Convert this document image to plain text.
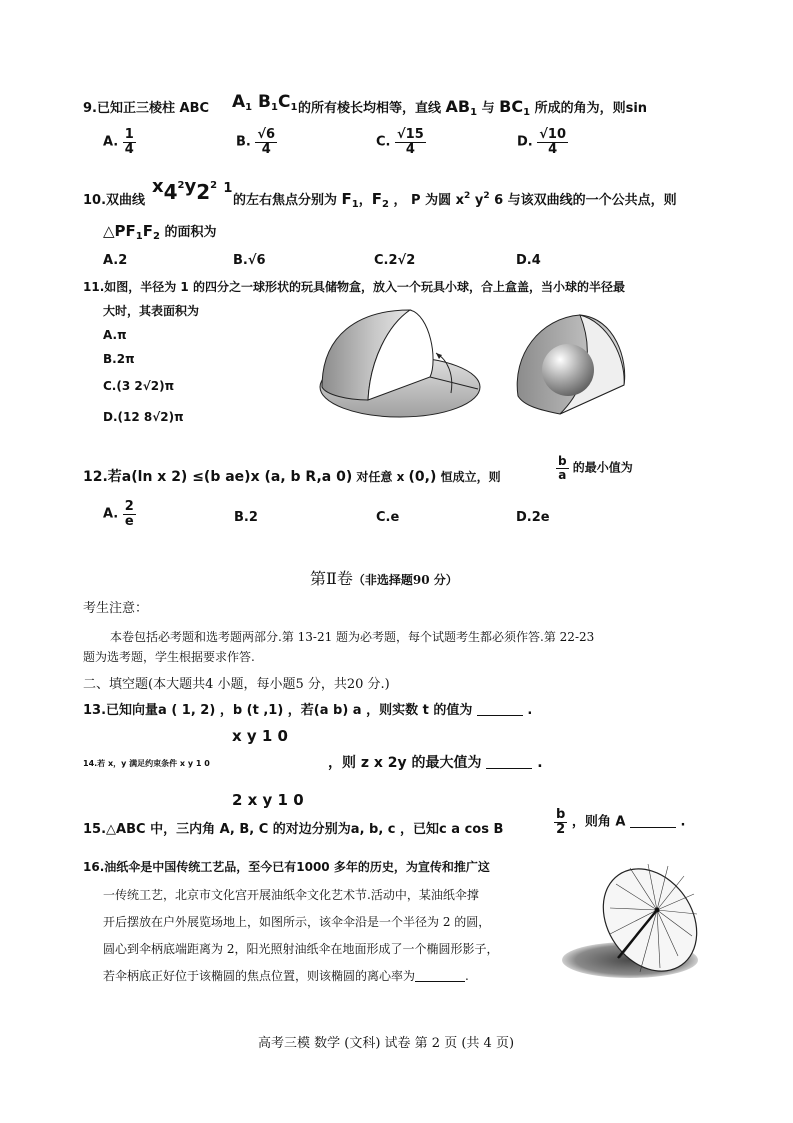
9.已知正三棱柱 ABC $A_1$ $B_1C_1$ 的所有棱长均相等，直线 $AB_1$ 与 $BC_1$ 所成的角为，则sin
A. $\frac{1}{4}$	B. $\frac{√6}{4}$	C. $\frac{√15}{4}$	D. $\frac{√10}{4}$
10.双曲线
$x4^2y2^2$ 1
的左右焦点分别为 $F_1$，$F_2$ ， P 为圆 $x^2$ $y^2$ 6 与该双曲线的一个公共点，则
$\triangle PF_1F_2$ 的面积为
A.2	B.√6	C.2√2	D.4
11.如图，半径为 1 的四分之一球形状的玩具储物盒，放入一个玩具小球，合上盒盖，当小球的半径最
大时，其表面积为
A.π
B.2π
C.(3 2√2)π
D.(12 8√2)π
12.若a(ln x 2) ≤(b ae)x (a, b R,a 0) 对任意 x (0,) 恒成立，则	$\frac{b}{a}$ 的最小值为
A. $\frac{2}{e}$	B.2	C.e	D.2e
第Ⅱ卷（非选择题90 分）
考生注意：
本卷包括必考题和选考题两部分.第 13-21 题为必考题，每个试题考生都必须作答.第 22-23
题为选考题，学生根据要求作答.
二、填空题(本大题共4 小题，每小题5 分，共20 分.)
13.已知向量a ( 1, 2) ，b (t ,1) ，若(a b) a ，则实数 t 的值为	.
x y 1 0
14.若 x，y 满足约束条件 x y 1 0	，则 z x 2y 的最大值为	.
2 x y 1 0
15.△ABC 中，三内角 A, B, C 的对边分别为a, b, c ，已知c a cos B	$\frac{b}{2}$ ，则角 A	.
16.油纸伞是中国传统工艺品，至今已有1000 多年的历史，为宣传和推广这
一传统工艺，北京市文化宫开展油纸伞文化艺术节.活动中，某油纸伞撑
开后摆放在户外展览场地上，如图所示，该伞伞沿是一个半径为 2 的圆，
圆心到伞柄底端距离为 2，阳光照射油纸伞在地面形成了一个椭圆形影子，
若伞柄底正好位于该椭圆的焦点位置，则该椭圆的离心率为	.
高考三模 数学 (文科) 试卷 第 2 页 (共 4 页)
